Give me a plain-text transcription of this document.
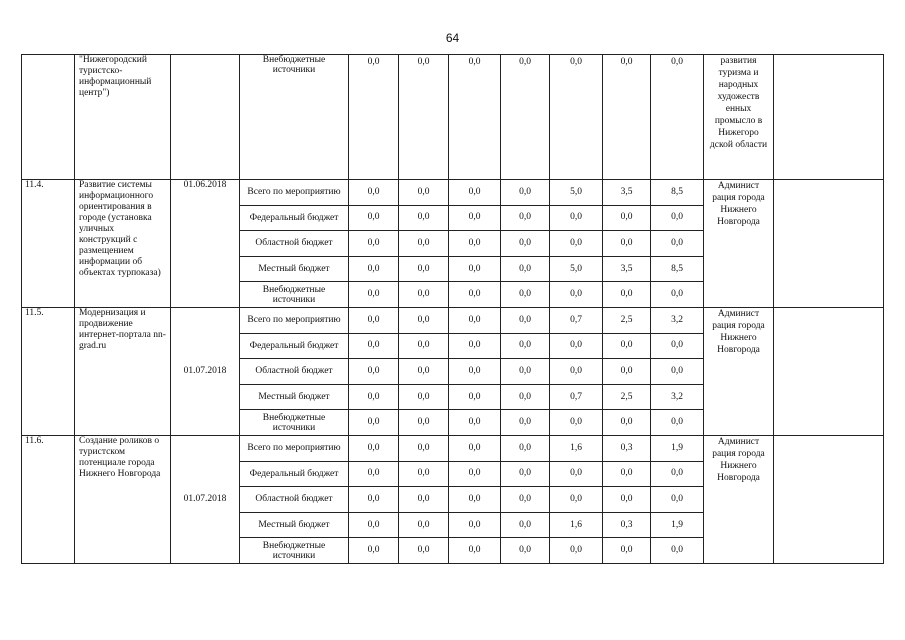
64
	"Нижегородский туристско-информационный центр")		Внебюджетные источники	0,0	0,0	0,0	0,0	0,0	0,0	0,0	развития туризма и народных художеств енных промысло в Нижегоро дской области	
11.4.	Развитие системы информационного ориентирования в городе (установка уличных конструкций с размещением информации об объектах турпоказа)	01.06.2018	Всего по мероприятию	0,0	0,0	0,0	0,0	5,0	3,5	8,5	Админист рация города Нижнего Новгорода	
			Федеральный бюджет	0,0	0,0	0,0	0,0	0,0	0,0	0,0		
			Областной бюджет	0,0	0,0	0,0	0,0	0,0	0,0	0,0		
			Местный бюджет	0,0	0,0	0,0	0,0	5,0	3,5	8,5		
			Внебюджетные источники	0,0	0,0	0,0	0,0	0,0	0,0	0,0		
11.5.	Модернизация и продвижение интернет-портала nn-grad.ru	01.07.2018	Всего по мероприятию	0,0	0,0	0,0	0,0	0,7	2,5	3,2	Админист рация города Нижнего Новгорода	
			Федеральный бюджет	0,0	0,0	0,0	0,0	0,0	0,0	0,0		
			Областной бюджет	0,0	0,0	0,0	0,0	0,0	0,0	0,0		
			Местный бюджет	0,0	0,0	0,0	0,0	0,7	2,5	3,2		
			Внебюджетные источники	0,0	0,0	0,0	0,0	0,0	0,0	0,0		
11.6.	Создание роликов о туристском потенциале города Нижнего Новгорода	01.07.2018	Всего по мероприятию	0,0	0,0	0,0	0,0	1,6	0,3	1,9	Админист рация города Нижнего Новгорода	
			Федеральный бюджет	0,0	0,0	0,0	0,0	0,0	0,0	0,0		
			Областной бюджет	0,0	0,0	0,0	0,0	0,0	0,0	0,0		
			Местный бюджет	0,0	0,0	0,0	0,0	1,6	0,3	1,9		
			Внебюджетные источники	0,0	0,0	0,0	0,0	0,0	0,0	0,0		
